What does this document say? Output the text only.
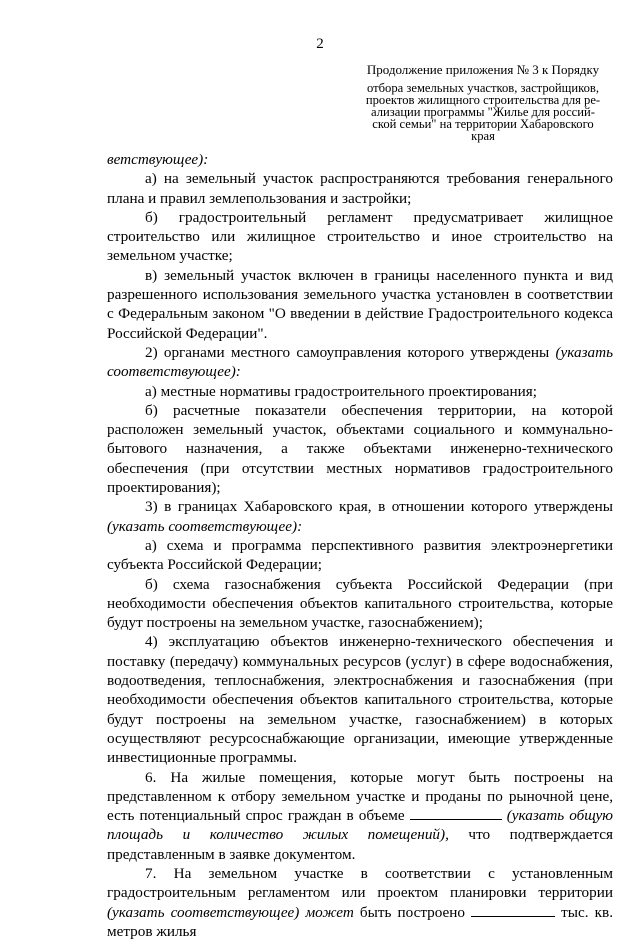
2
Продолжение приложения № 3 к Порядку
отбора земельных участков, застройщиков,
проектов жилищного строительства для ре-
ализации программы "Жилье для россий-
ской семьи" на территории Хабаровского
края

ветствующее):

а) на земельный участок распространяются требования генерального плана и правил землепользования и застройки;

б) градостроительный регламент предусматривает жилищное строительство или жилищное строительство и иное строительство на земельном участке;

в) земельный участок включен в границы населенного пункта и вид разрешенного использования земельного участка установлен в соответствии с Федеральным законом "О введении в действие Градостроительного кодекса Российской Федерации".

2) органами местного самоуправления которого утверждены (указать соответствующее):

а) местные нормативы градостроительного проектирования;

б) расчетные показатели обеспечения территории, на которой расположен земельный участок, объектами социального и коммунально-бытового назначения, а также объектами инженерно-технического обеспечения (при отсутствии местных нормативов градостроительного проектирования);

3) в границах Хабаровского края, в отношении которого утверждены (указать соответствующее):

а) схема и программа перспективного развития электроэнергетики субъекта Российской Федерации;

б) схема газоснабжения субъекта Российской Федерации (при необходимости обеспечения объектов капитального строительства, которые будут построены на земельном участке, газоснабжением);

4) эксплуатацию объектов инженерно-технического обеспечения и поставку (передачу) коммунальных ресурсов (услуг) в сфере водоснабжения, водоотведения, теплоснабжения, электроснабжения и газоснабжения (при необходимости обеспечения объектов капитального строительства, которые будут построены на земельном участке, газоснабжением) в которых осуществляют ресурсоснабжающие организации, имеющие утвержденные инвестиционные программы.

6. На жилые помещения, которые могут быть построены на представленном к отбору земельном участке и проданы по рыночной цене, есть потенциальный спрос граждан в объеме	(указать общую площадь и количество жилых помещений), что подтверждается представленным в заявке документом.

7. На земельном участке в соответствии с установленным градостроительным регламентом или проектом планировки территории (указать соответствующее) может быть построено	тыс. кв. метров жилья
